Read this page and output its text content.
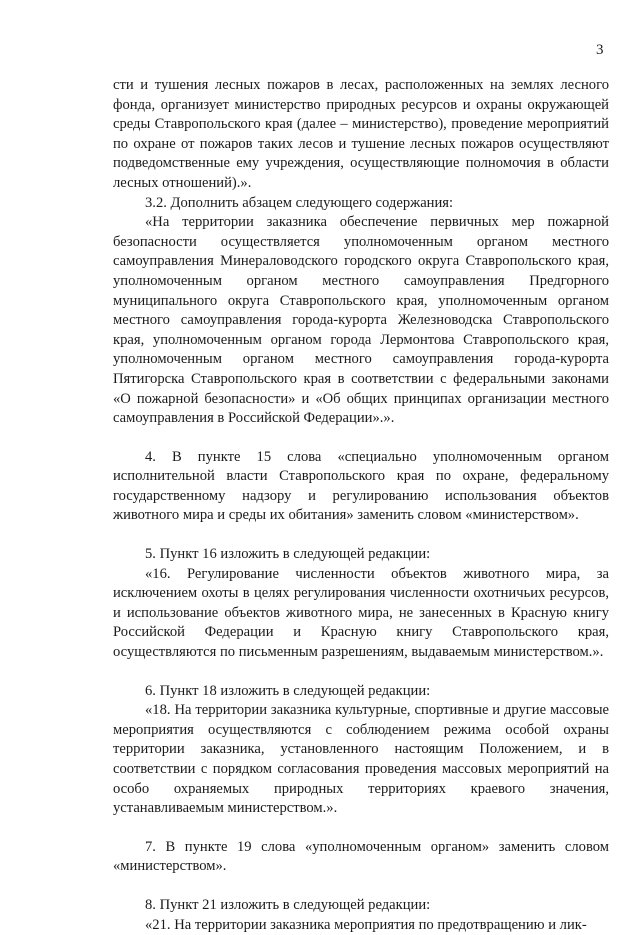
3

сти и тушения лесных пожаров в лесах, расположенных на землях лесного фонда, организует министерство природных ресурсов и охраны окружающей среды Ставропольского края (далее – министерство), проведение мероприятий по охране от пожаров таких лесов и тушение лесных пожаров осуществляют подведомственные ему учреждения, осуществляющие полномочия в области лесных отношений).».

3.2. Дополнить абзацем следующего содержания:

«На территории заказника обеспечение первичных мер пожарной безопасности осуществляется уполномоченным органом местного самоуправления Минераловодского городского округа Ставропольского края, уполномоченным органом местного самоуправления Предгорного муниципального округа Ставропольского края, уполномоченным органом местного самоуправления города-курорта Железноводска Ставропольского края, уполномоченным органом города Лермонтова Ставропольского края, уполномоченным органом местного самоуправления города-курорта Пятигорска Ставропольского края в соответствии с федеральными законами «О пожарной безопасности» и «Об общих принципах организации местного самоуправления в Российской Федерации».».

4. В пункте 15 слова «специально уполномоченным органом исполнительной власти Ставропольского края по охране, федеральному государственному надзору и регулированию использования объектов животного мира и среды их обитания» заменить словом «министерством».

5. Пункт 16 изложить в следующей редакции:

«16. Регулирование численности объектов животного мира, за исключением охоты в целях регулирования численности охотничьих ресурсов, и использование объектов животного мира, не занесенных в Красную книгу Российской Федерации и Красную книгу Ставропольского края, осуществляются по письменным разрешениям, выдаваемым министерством.».

6. Пункт 18 изложить в следующей редакции:

«18. На территории заказника культурные, спортивные и другие массовые мероприятия осуществляются с соблюдением режима особой охраны территории заказника, установленного настоящим Положением, и в соответствии с порядком согласования проведения массовых мероприятий на особо охраняемых природных территориях краевого значения, устанавливаемым министерством.».

7. В пункте 19 слова «уполномоченным органом» заменить словом «министерством».

8. Пункт 21 изложить в следующей редакции:

«21. На территории заказника мероприятия по предотвращению и лик-
